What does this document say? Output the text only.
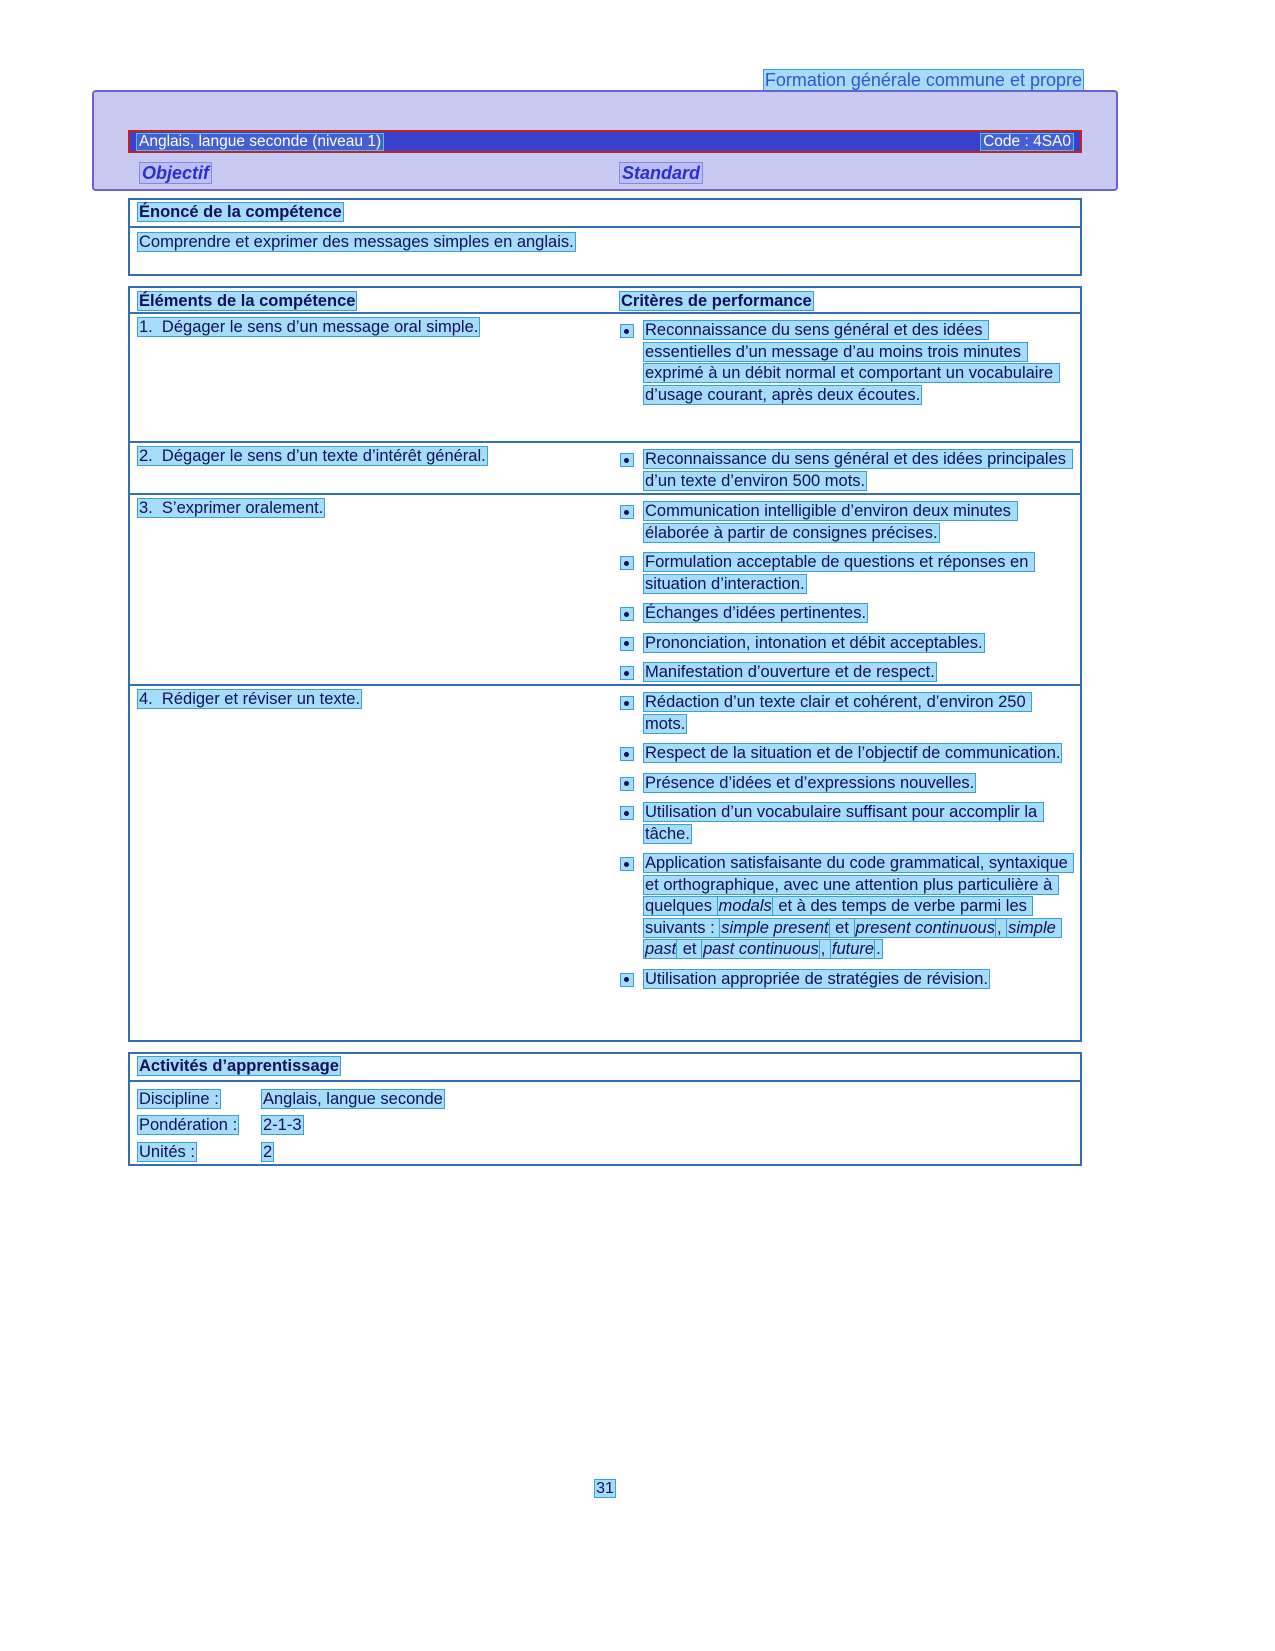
Formation générale commune et propre
Anglais, langue seconde (niveau 1)	Code : 4SA0
Objectif	Standard
Énoncé de la compétence
Comprendre et exprimer des messages simples en anglais.
Éléments de la compétence	Critères de performance
1.  Dégager le sens d’un message oral simple.	Reconnaissance du sens général et des idées essentielles d’un message d’au moins trois minutes exprimé à un débit normal et comportant un vocabulaire d’usage courant, après deux écoutes.
2.  Dégager le sens d’un texte d’intérêt général.	Reconnaissance du sens général et des idées principales d’un texte d’environ 500 mots.
3.  S’exprimer oralement.	Communication intelligible d’environ deux minutes élaborée à partir de consignes précises.
Formulation acceptable de questions et réponses en situation d’interaction.
Échanges d’idées pertinentes.
Prononciation, intonation et débit acceptables.
Manifestation d’ouverture et de respect.
4.  Rédiger et réviser un texte.	Rédaction d’un texte clair et cohérent, d’environ 250 mots.
Respect de la situation et de l’objectif de communication.
Présence d’idées et d’expressions nouvelles.
Utilisation d’un vocabulaire suffisant pour accomplir la tâche.
Application satisfaisante du code grammatical, syntaxique et orthographique, avec une attention plus particulière à quelques modals et à des temps de verbe parmi les suivants : simple present et present continuous , simple past et past continuous , future .
Utilisation appropriée de stratégies de révision.
Activités d’apprentissage
Discipline :	Anglais, langue seconde
Pondération :	2-1-3
Unités :	2
31
